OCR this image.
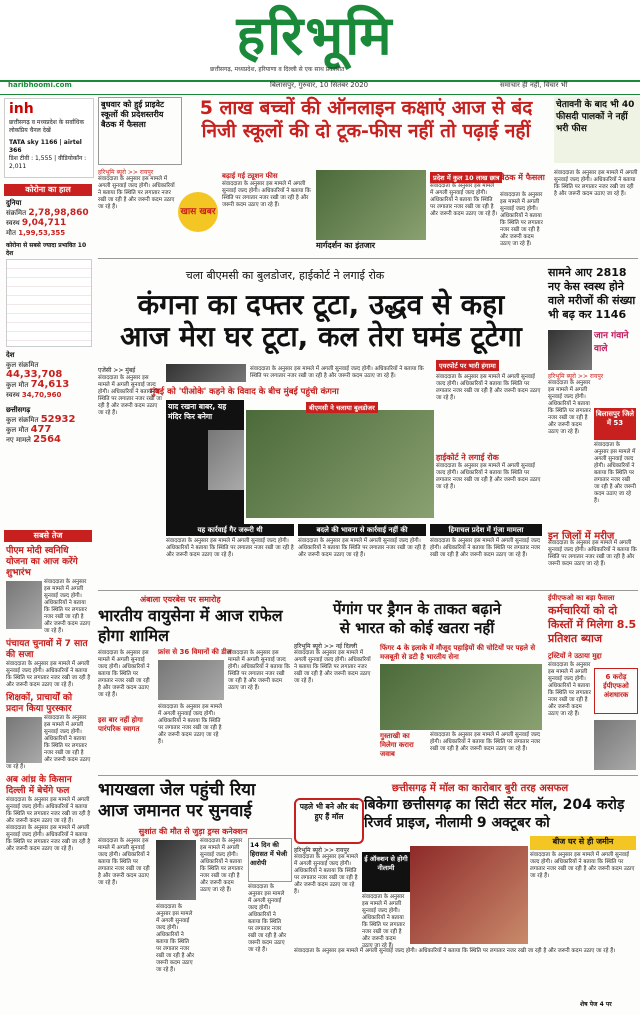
हरिभूमि
छत्तीसगढ़, मध्यप्रदेश, हरियाणा व दिल्ली से एक साथ प्रकाशित
haribhoomi.com	बिलासपुर, गुरुवार, 10 सितंबर 2020	समाचार ही नहीं, विचार भी
inh
छत्तीसगढ़ व मध्यप्रदेश के सर्वाधिक लोकप्रिय चैनल देखें
TATA sky 1166 | airtel 366
डिश टीवी : 1,555 | वीडियोकॉन : 2,011
कोरोना का हाल
दुनिया
संक्रमित 2,78,98,860
स्वस्थ 9,04,711
मौत 1,99,53,355
कोरोना से सबसे ज्यादा प्रभावित 10 देश
देश
कुल संक्रमित 44,33,708
कुल मौत 74,613
स्वस्थ 34,70,960
छत्तीसगढ़
कुल संक्रमित 52932
कुल मौत 477
नए मामले 2564
सबसे तेज
पीएम मोदी स्वनिधि योजना का आज करेंगे शुभारंभ
संवाददाता के अनुसार इस मामले में अगली सुनवाई जल्द होगी। अधिकारियों ने बताया कि स्थिति पर लगातार नजर रखी जा रही है और जरूरी कदम उठाए जा रहे हैं।
पंचायत चुनावों में 7 सात की सजा
संवाददाता के अनुसार इस मामले में अगली सुनवाई जल्द होगी। अधिकारियों ने बताया कि स्थिति पर लगातार नजर रखी जा रही है और जरूरी कदम उठाए जा रहे हैं।
शिक्षकों, प्राचार्यों को प्रदान किया पुरस्कार
संवाददाता के अनुसार इस मामले में अगली सुनवाई जल्द होगी। अधिकारियों ने बताया कि स्थिति पर लगातार नजर रखी जा रही है और जरूरी कदम उठाए जा रहे हैं।
अब आंध्र के किसान दिल्ली में बेचेंगे फल
संवाददाता के अनुसार इस मामले में अगली सुनवाई जल्द होगी। अधिकारियों ने बताया कि स्थिति पर लगातार नजर रखी जा रही है और जरूरी कदम उठाए जा रहे हैं।
संवाददाता के अनुसार इस मामले में अगली सुनवाई जल्द होगी। अधिकारियों ने बताया कि स्थिति पर लगातार नजर रखी जा रही है और जरूरी कदम उठाए जा रहे हैं।
बुधवार को हुई प्राइवेट स्कूलों की प्रदेशस्तरीय बैठक में फैसला
5 लाख बच्चों की ऑनलाइन कक्षाएं आज से बंद
निजी स्कूलों की दो टूक-फीस नहीं तो पढ़ाई नहीं
चेतावनी के बाद भी 40 फीसदी पालकों ने नहीं भरी फीस
हरिभूमि ब्यूरो >> रायपुर
संवाददाता के अनुसार इस मामले में अगली सुनवाई जल्द होगी। अधिकारियों ने बताया कि स्थिति पर लगातार नजर रखी जा रही है और जरूरी कदम उठाए जा रहे हैं।	खास खबर
बढ़ाई गई ट्यूशन फीस
संवाददाता के अनुसार इस मामले में अगली सुनवाई जल्द होगी। अधिकारियों ने बताया कि स्थिति पर लगातार नजर रखी जा रही है और जरूरी कदम उठाए जा रहे हैं।
मार्गदर्शन का इंतजार
प्रदेश में कुल 10 लाख छात्र
संवाददाता के अनुसार इस मामले में अगली सुनवाई जल्द होगी। अधिकारियों ने बताया कि स्थिति पर लगातार नजर रखी जा रही है और जरूरी कदम उठाए जा रहे हैं।
बैठक में फैसला
संवाददाता के अनुसार इस मामले में अगली सुनवाई जल्द होगी। अधिकारियों ने बताया कि स्थिति पर लगातार नजर रखी जा रही है और जरूरी कदम उठाए जा रहे हैं।
संवाददाता के अनुसार इस मामले में अगली सुनवाई जल्द होगी। अधिकारियों ने बताया कि स्थिति पर लगातार नजर रखी जा रही है और जरूरी कदम उठाए जा रहे हैं।
चला बीएमसी का बुलडोजर, हाईकोर्ट ने लगाई रोक
कंगना का दफ्तर टूटा, उद्धव से कहा
आज मेरा घर टूटा, कल तेरा घमंड टूटेगा
एजेंसी >> मुंबई
संवाददाता के अनुसार इस मामले में अगली सुनवाई जल्द होगी। अधिकारियों ने बताया कि स्थिति पर लगातार नजर रखी जा रही है और जरूरी कदम उठाए जा रहे हैं।
संवाददाता के अनुसार इस मामले में अगली सुनवाई जल्द होगी। अधिकारियों ने बताया कि स्थिति पर लगातार नजर रखी जा रही है और जरूरी कदम उठाए जा रहे हैं।
एयरपोर्ट पर भारी हंगामा
मुंबई को 'पीओके' कहने के विवाद के बीच मुंबई पहुंची कंगना
याद रखना बाबर, यह मंदिर फिर बनेगा
बीएमसी ने चलाया बुलडोजर
संवाददाता के अनुसार इस मामले में अगली सुनवाई जल्द होगी। अधिकारियों ने बताया कि स्थिति पर लगातार नजर रखी जा रही है और जरूरी कदम उठाए जा रहे हैं।
हाईकोर्ट ने लगाई रोक
संवाददाता के अनुसार इस मामले में अगली सुनवाई जल्द होगी। अधिकारियों ने बताया कि स्थिति पर लगातार नजर रखी जा रही है और जरूरी कदम उठाए जा रहे हैं।
यह कार्रवाई गैर जरूरी थी	बदले की भावना से कार्रवाई नहीं की	हिमाचल प्रदेश में गूंजा मामला
संवाददाता के अनुसार इस मामले में अगली सुनवाई जल्द होगी। अधिकारियों ने बताया कि स्थिति पर लगातार नजर रखी जा रही है और जरूरी कदम उठाए जा रहे हैं।
संवाददाता के अनुसार इस मामले में अगली सुनवाई जल्द होगी। अधिकारियों ने बताया कि स्थिति पर लगातार नजर रखी जा रही है और जरूरी कदम उठाए जा रहे हैं।
संवाददाता के अनुसार इस मामले में अगली सुनवाई जल्द होगी। अधिकारियों ने बताया कि स्थिति पर लगातार नजर रखी जा रही है और जरूरी कदम उठाए जा रहे हैं।
सामने आए 2818 नए केस स्वस्थ होने वाले मरीजों की संख्या भी बढ़ कर 1146
जान गंवाने वाले
हरिभूमि ब्यूरो >> रायपुर
संवाददाता के अनुसार इस मामले में अगली सुनवाई जल्द होगी। अधिकारियों ने बताया कि स्थिति पर लगातार नजर रखी जा रही है और जरूरी कदम उठाए जा रहे हैं।
बिलासपुर जिले में 53
संवाददाता के अनुसार इस मामले में अगली सुनवाई जल्द होगी। अधिकारियों ने बताया कि स्थिति पर लगातार नजर रखी जा रही है और जरूरी कदम उठाए जा रहे हैं।
इन जिलों में मरीज
संवाददाता के अनुसार इस मामले में अगली सुनवाई जल्द होगी। अधिकारियों ने बताया कि स्थिति पर लगातार नजर रखी जा रही है और जरूरी कदम उठाए जा रहे हैं।
अंबाला एयरबेस पर समारोह
भारतीय वायुसेना में आज राफेल होगा शामिल
संवाददाता के अनुसार इस मामले में अगली सुनवाई जल्द होगी। अधिकारियों ने बताया कि स्थिति पर लगातार नजर रखी जा रही है और जरूरी कदम उठाए जा रहे हैं।
इस बार नहीं होगा पारंपरिक स्वागत
फ्रांस से 36 विमानों की डील
संवाददाता के अनुसार इस मामले में अगली सुनवाई जल्द होगी। अधिकारियों ने बताया कि स्थिति पर लगातार नजर रखी जा रही है और जरूरी कदम उठाए जा रहे हैं।
संवाददाता के अनुसार इस मामले में अगली सुनवाई जल्द होगी। अधिकारियों ने बताया कि स्थिति पर लगातार नजर रखी जा रही है और जरूरी कदम उठाए जा रहे हैं।
पेंगांग पर ड्रैगन के ताकत बढ़ाने
से भारत को कोई खतरा नहीं
हरिभूमि ब्यूरो >> नई दिल्ली
संवाददाता के अनुसार इस मामले में अगली सुनवाई जल्द होगी। अधिकारियों ने बताया कि स्थिति पर लगातार नजर रखी जा रही है और जरूरी कदम उठाए जा रहे हैं।
फिंगर 4 के इलाके में मौजूद पहाड़ियों की चोटियों पर पहले से मजबूती से डटी है भारतीय सेना
गुस्ताखी का मिलेगा करारा जवाब
संवाददाता के अनुसार इस मामले में अगली सुनवाई जल्द होगी। अधिकारियों ने बताया कि स्थिति पर लगातार नजर रखी जा रही है और जरूरी कदम उठाए जा रहे हैं।
ईपीएफओ का बड़ा फैसला
कर्मचारियों को दो किस्तों में मिलेगा 8.5 प्रतिशत ब्याज
ट्रस्टियों ने उठाया मुद्दा
संवाददाता के अनुसार इस मामले में अगली सुनवाई जल्द होगी। अधिकारियों ने बताया कि स्थिति पर लगातार नजर रखी जा रही है और जरूरी कदम उठाए जा रहे हैं।
6 करोड़ ईपीएफओ अंशधारक
भायखला जेल पहुंची रिया आज जमानत पर सुनवाई
सुशांत की मौत से जुड़ा ड्रग्स कनेक्शन
संवाददाता के अनुसार इस मामले में अगली सुनवाई जल्द होगी। अधिकारियों ने बताया कि स्थिति पर लगातार नजर रखी जा रही है और जरूरी कदम उठाए जा रहे हैं।
संवाददाता के अनुसार इस मामले में अगली सुनवाई जल्द होगी। अधिकारियों ने बताया कि स्थिति पर लगातार नजर रखी जा रही है और जरूरी कदम उठाए जा रहे हैं।
संवाददाता के अनुसार इस मामले में अगली सुनवाई जल्द होगी। अधिकारियों ने बताया कि स्थिति पर लगातार नजर रखी जा रही है और जरूरी कदम उठाए जा रहे हैं।
14 दिन की हिरासत में भेजी आरोपी
संवाददाता के अनुसार इस मामले में अगली सुनवाई जल्द होगी। अधिकारियों ने बताया कि स्थिति पर लगातार नजर रखी जा रही है और जरूरी कदम उठाए जा रहे हैं।
छत्तीसगढ़ में मॉल का कारोबार बुरी तरह असफल
पहले भी बने और बंद हुए हैं मॉल
बिकेगा छत्तीसगढ़ का सिटी सेंटर मॉल, 204 करोड़ रिजर्व प्राइज, नीलामी 9 अक्टूबर को
हरिभूमि ब्यूरो >> रायपुर
संवाददाता के अनुसार इस मामले में अगली सुनवाई जल्द होगी। अधिकारियों ने बताया कि स्थिति पर लगातार नजर रखी जा रही है और जरूरी कदम उठाए जा रहे हैं।
ई ऑक्शन से होगी नीलामी
संवाददाता के अनुसार इस मामले में अगली सुनवाई जल्द होगी। अधिकारियों ने बताया कि स्थिति पर लगातार नजर रखी जा रही है और जरूरी कदम उठाए जा रहे हैं।
बीज घर से ही जमीन
संवाददाता के अनुसार इस मामले में अगली सुनवाई जल्द होगी। अधिकारियों ने बताया कि स्थिति पर लगातार नजर रखी जा रही है और जरूरी कदम उठाए जा रहे हैं।
संवाददाता के अनुसार इस मामले में अगली सुनवाई जल्द होगी। अधिकारियों ने बताया कि स्थिति पर लगातार नजर रखी जा रही है और जरूरी कदम उठाए जा रहे हैं।
शेष पेज 4 पर
